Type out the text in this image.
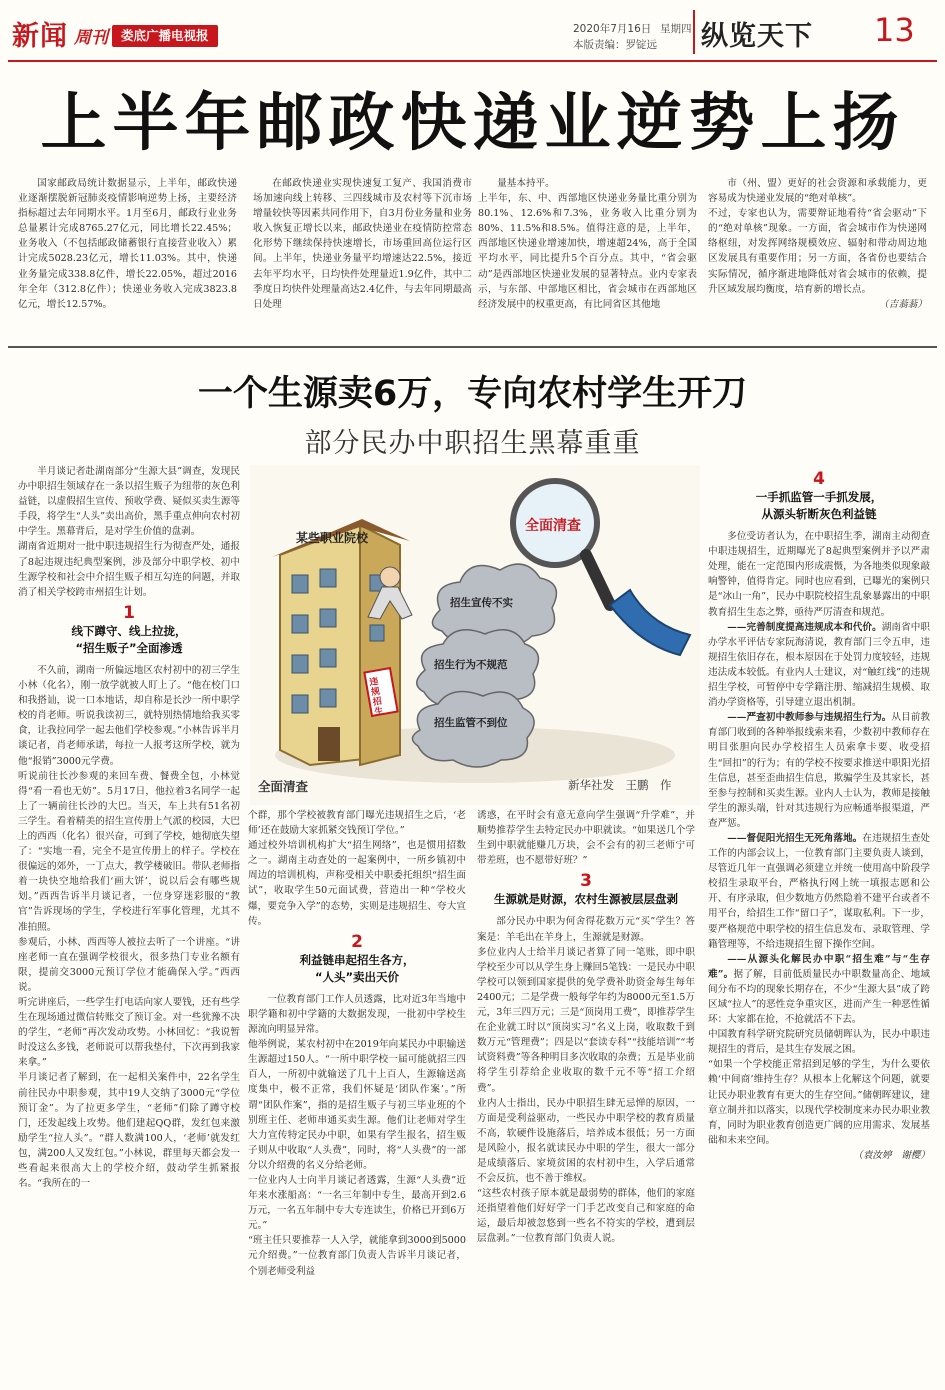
新闻 周刊	娄底广播电视报	2020年7月16日 星期四
本版责编：罗锭远 纵览天下 13
上半年邮政快递业逆势上扬

国家邮政局统计数据显示，上半年，邮政快递业逐渐摆脱新冠肺炎疫情影响逆势上扬，主要经济指标超过去年同期水平。1月至6月，邮政行业业务总量累计完成8765.27亿元，同比增长22.45%；业务收入（不包括邮政储蓄银行直接营业收入）累计完成5028.23亿元，增长11.03%。其中，快递业务量完成338.8亿件，增长22.05%，超过2016年全年（312.8亿件）；快递业务收入完成3823.8亿元，增长12.57%。

在邮政快递业实现快速复工复产、我国消费市场加速向线上转移、三四线城市及农村等下沉市场增量较快等因素共同作用下，自3月份业务量和业务收入恢复正增长以来，邮政快递业在疫情防控常态化形势下继续保持快速增长，市场重回高位运行区间。上半年，快递业务量平均增速达22.5%，接近去年平均水平，日均快件处理量近1.9亿件，其中二季度日均快件处理量高达2.4亿件，与去年同期最高日处理

量基本持平。
上半年，东、中、西部地区快递业务量比重分别为80.1%、12.6%和7.3%，业务收入比重分别为80%、11.5%和8.5%。值得注意的是，上半年，西部地区快递业增速加快，增速超24%，高于全国平均水平，同比提升5个百分点。其中，“省会驱动”是西部地区快递业发展的显著特点。业内专家表示，与东部、中部地区相比，省会城市在西部地区经济发展中的权重更高，有比同省区其他地

市（州、盟）更好的社会资源和承载能力，更容易成为快递业发展的“绝对单核”。
不过，专家也认为，需要辩证地看待“省会驱动”下的“绝对单核”现象。一方面，省会城市作为快递网络枢纽，对发挥网络规模效应、辐射和带动周边地区发展具有重要作用；另一方面，各省份也要结合实际情况，循序渐进地降低对省会城市的依赖，提升区域发展均衡度，培育新的增长点。

（吉蓊蓊）

一个生源卖6万，专向农村学生开刀
部分民办中职招生黑幕重重

半月谈记者赴湖南部分“生源大县”调查，发现民办中职招生领域存在一条以招生贩子为纽带的灰色利益链，以虚假招生宣传、预收学费、疑似买卖生源等手段，将学生“人头”卖出高价，黑手重点伸向农村初中学生。黑幕背后，是对学生价值的盘剥。
湖南省近期对一批中职违规招生行为彻查严处，通报了8起违规违纪典型案例，涉及部分中职学校、初中生源学校和社会中介招生贩子相互勾连的问题，并取消了相关学校跨市州招生计划。

1
线下蹲守、线上拉拢，
“招生贩子”全面渗透

不久前，湖南一所偏远地区农村初中的初三学生小林（化名），刚一放学就被人盯上了。“他在校门口和我搭讪，说一口本地话，却自称是长沙一所中职学校的肖老师。听说我读初三，就特别热情地给我买零食，让我拉同学一起去他们学校参观。”小林告诉半月谈记者，肖老师承诺，每拉一人报考这所学校，就为他“报销”3000元学费。
听说前往长沙参观的来回车费、餐费全包，小林觉得“看一看也无妨”。5月17日，他拉着3名同学一起上了一辆前往长沙的大巴。当天，车上共有51名初三学生。看着精美的招生宣传册上气派的校园，大巴上的西西（化名）很兴奋，可到了学校，她彻底失望了：“实地一看，完全不是宣传册上的样子。学校在很偏远的郊外，一丁点大，教学楼破旧。带队老师指着一块快空地给我们‘画大饼’，说以后会有哪些规划。”西西告诉半月谈记者，一位身穿迷彩服的“教官”告诉现场的学生，学校进行军事化管理，尤其不准拍照。
参观后，小林、西西等人被拉去听了一个讲座。“讲座老师一直在强调学校很火，很多热门专业名额有限，提前交3000元预订学位才能确保入学。”西西说。
听完讲座后，一些学生打电话向家人要钱，还有些学生在现场通过微信转账交了预订金。对一些犹豫不决的学生，“老师”再次发动攻势。小林回忆：“我说暂时没这么多钱，老师说可以帮我垫付，下次再到我家来拿。”
半月谈记者了解到，在一起相关案件中，22名学生前往民办中职参观，其中19人交纳了3000元“学位预订金”。为了拉更多学生，“老师”们除了蹲守校门，还发起线上攻势。他们建起QQ群，发红包来激励学生“拉人头”。“群人数满100人，‘老师’就发红包，满200人又发红包。”小林说，群里每天都会发一些看起来很高大上的学校介绍，鼓动学生抓紧报名。“我所在的一

某些职业院校
全面清查
招生宣传不实
招生行为不规范
招生监管不到位
违规招生
全面清查	新华社发　王鹏　作

个群，那个学校被教育部门曝光违规招生之后，‘老师’还在鼓励大家抓紧交钱预订学位。”
通过校外培训机构扩大“招生网络”，也是惯用招数之一。湖南主动查处的一起案例中，一所乡镇初中周边的培训机构，声称受相关中职委托组织“招生面试”，收取学生50元面试费，营造出一种“学校火爆，要竞争入学”的态势，实则是违规招生、夸大宣传。

2
利益链串起招生各方，
“人头”卖出天价

一位教育部门工作人员透露，比对近3年当地中职学籍和初中学籍的大数据发现，一批初中学校生源流向明显异常。
他举例说，某农村初中在2019年向某民办中职输送生源超过150人。“一所中职学校一届可能就招三四百人，一所初中就输送了几十上百人，生源输送高度集中，极不正常，我们怀疑是‘团队作案’。”所谓“团队作案”，指的是招生贩子与初三毕业班的个别班主任、老师串通买卖生源。他们让老师对学生大力宣传特定民办中职，如果有学生报名，招生贩子则从中收取“人头费”，同时，将“人头费”的一部分以介绍费的名义分给老师。
一位业内人士向半月谈记者透露，生源“人头费”近年来水涨船高：“一名三年制中专生，最高开到2.6万元，一名五年制中专大专连读生，价格已开到6万元。”
“班主任只要推荐一人入学，就能拿到3000到5000元介绍费。”一位教育部门负责人告诉半月谈记者，个别老师受利益

诱惑，在平时会有意无意向学生强调“升学难”，并顺势推荐学生去特定民办中职就读。“如果送几个学生到中职就能赚几万块，会不会有的初三老师宁可带差班，也不愿带好班？”

3
生源就是财源，农村生源被层层盘剥

部分民办中职为何舍得花数万元“买”学生？答案是：羊毛出在羊身上，生源就是财源。
多位业内人士给半月谈记者算了同一笔账，即中职学校至少可以从学生身上赚回5笔钱：一是民办中职学校可以领到国家提供的免学费补助资金每生每年2400元；二是学费一般每学年约为8000元至1.5万元，3年三四万元；三是“顶岗用工费”，即推荐学生在企业就工时以“顶岗实习”名义上岗，收取数千到数万元“管理费”；四是以“套读专科”“技能培训”“考试资料费”等各种明目多次收取的杂费；五是毕业前将学生引荐给企业收取的数千元不等“招工介绍费”。
业内人士指出，民办中职招生肆无忌惮的原因，一方面是受利益驱动，一些民办中职学校的教育质量不高，软硬件设施落后，培养成本很低；另一方面是风险小，报名就读民办中职的学生，很大一部分是成绩落后、家境贫困的农村初中生，入学后通常不会反抗，也不善于维权。
“这些农村孩子原本就是最弱势的群体，他们的家庭还指望着他们好好学一门手艺改变自己和家庭的命运，最后却被忽悠到一些名不符实的学校，遭到层层盘剥。”一位教育部门负责人说。

4
一手抓监管一手抓发展，
从源头斩断灰色利益链

多位受访者认为，在中职招生季，湖南主动彻查中职违规招生，近期曝光了8起典型案例并予以严肃处理，能在一定范围内形成震慑，为各地类似现象敲响警钟，值得肯定。同时也应看到，已曝光的案例只是“冰山一角”，民办中职院校招生乱象暴露出的中职教育招生生态之弊，亟待严厉清查和规范。

——完善制度提高违规成本和代价。湖南省中职办学水平评估专家阮海清说，教育部门三令五申，违规招生依旧存在，根本原因在于处罚力度较轻，违规违法成本较低。有业内人士建议，对“触红线”的违规招生学校，可暂停中专学籍注册、缩减招生规模、取消办学资格等，引导建立退出机制。

——严查初中教师参与违规招生行为。从目前教育部门收到的各种举报线索来看，少数初中教师存在明目张胆向民办学校招生人员索拿卡要、收受招生“回扣”的行为；有的学校不按要求推送中职阳光招生信息，甚至歪曲招生信息，欺骗学生及其家长，甚至参与控制和买卖生源。业内人士认为，教师是接触学生的源头端，针对其违规行为应畅通举报渠道，严查严惩。

——督促阳光招生无死角落地。在违规招生查处工作的内部会议上，一位教育部门主要负责人谈到，尽管近几年一直强调必须建立并统一使用高中阶段学校招生录取平台，严格执行网上统一填报志愿和公开、有序录取，但少数地方仍然隐着不建平台或者不用平台，给招生工作“留口子”，谋取私利。下一步，要严格规范中职学校的招生信息发布、录取管理、学籍管理等，不给违规招生留下操作空间。

——从源头化解民办中职“招生难”与“生存难”。据了解，目前低质量民办中职数量高企、地域间分布不均的现象长期存在，不少“生源大县”成了跨区域“拉人”的恶性竞争重灾区，进而产生一种恶性循环：大家都在抢，不抢就活不下去。
中国教育科学研究院研究员储朝晖认为，民办中职违规招生的背后，是其生存发展之困。
“如果一个学校能正常招到足够的学生，为什么要依赖‘中间商’维持生存？从根本上化解这个问题，就要让民办职业教育有更大的生存空间。”储朝晖建议，建章立制并扣以落实，以现代学校制度来办民办职业教育，同时为职业教育创造更广阔的应用需求、发展基础和未来空间。

（袁汝婷　谢樱）
